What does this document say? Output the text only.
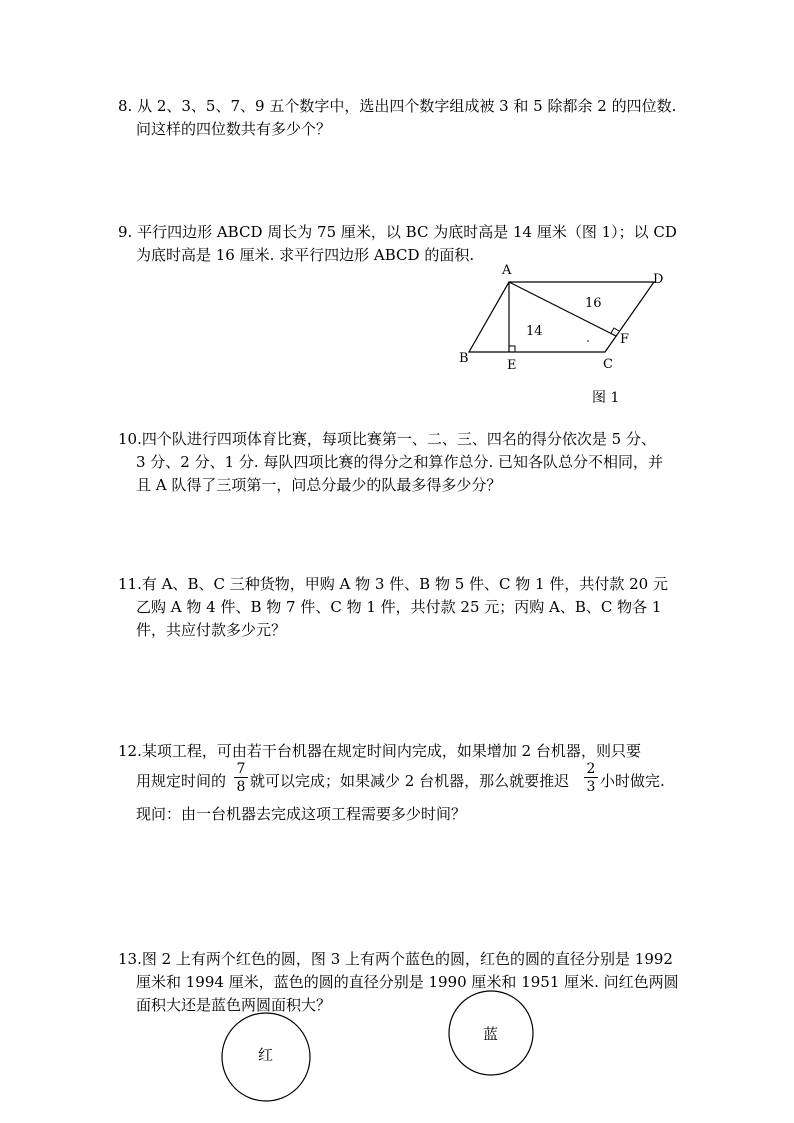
8. 从 2、3、5、7、9 五个数字中，选出四个数字组成被 3 和 5 除都余 2 的四位数.
问这样的四位数共有多少个？
9. 平行四边形 ABCD 周长为 75 厘米，以 BC 为底时高是 14 厘米（图 1）；以 CD
为底时高是 16 厘米. 求平行四边形 ABCD 的面积.
A
D
B	E	C
F
14
16
图 1
10.四个队进行四项体育比赛，每项比赛第一、二、三、四名的得分依次是 5 分、
3 分、2 分、1 分. 每队四项比赛的得分之和算作总分. 已知各队总分不相同，并
且 A 队得了三项第一，问总分最少的队最多得多少分？
11.有 A、B、C 三种货物，甲购 A 物 3 件、B 物 5 件、C 物 1 件，共付款 20 元
乙购 A 物 4 件、B 物 7 件、C 物 1 件，共付款 25 元；丙购 A、B、C 物各 1
件，共应付款多少元？
12.某项工程，可由若干台机器在规定时间内完成，如果增加 2 台机器，则只要
用规定时间的
7
8 就可以完成；如果减少 2 台机器，那么就要推迟
2
3 小时做完.
现问：由一台机器去完成这项工程需要多少时间？
13.图 2 上有两个红色的圆，图 3 上有两个蓝色的圆，红色的圆的直径分别是 1992
厘米和 1994 厘米，蓝色的圆的直径分别是 1990 厘米和 1951 厘米. 问红色两圆
面积大还是蓝色两圆面积大？
红
蓝
